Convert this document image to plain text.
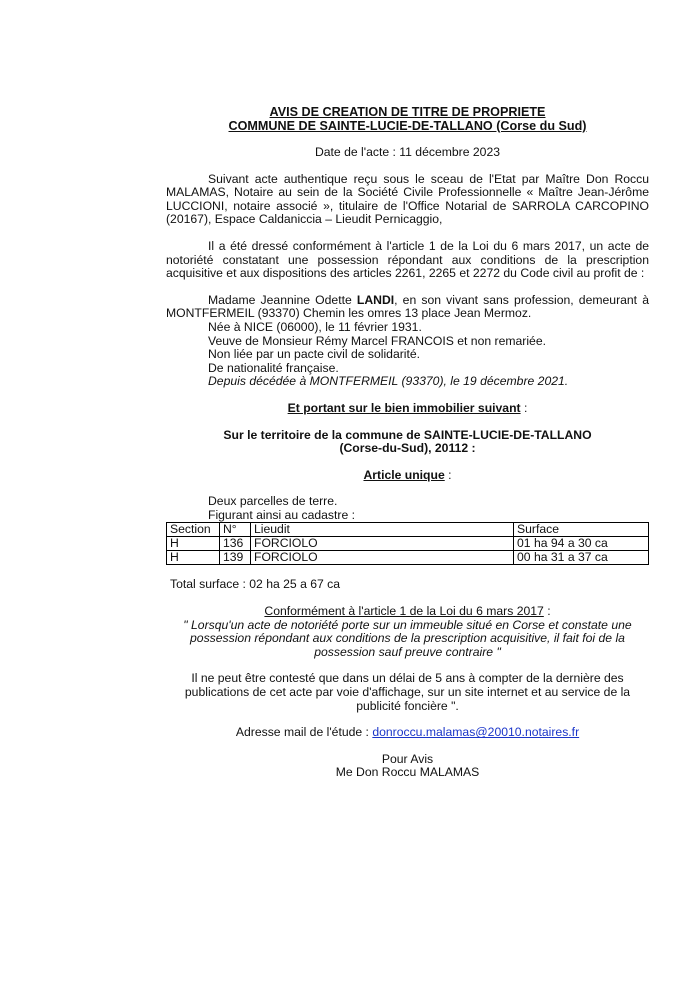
AVIS DE CREATION DE TITRE DE PROPRIETE

COMMUNE DE SAINTE-LUCIE-DE-TALLANO (Corse du Sud)

Date de l'acte : 11 décembre 2023

Suivant acte authentique reçu sous le sceau de l'Etat par Maître Don Roccu MALAMAS, Notaire au sein de la Société Civile Professionnelle « Maître Jean-Jérôme LUCCIONI, notaire associé », titulaire de l'Office Notarial de SARROLA CARCOPINO (20167), Espace Caldaniccia – Lieudit Pernicaggio,

Il a été dressé conformément à l'article 1 de la Loi du 6 mars 2017, un acte de notoriété constatant une possession répondant aux conditions de la prescription acquisitive et aux dispositions des articles 2261, 2265 et 2272 du Code civil au profit de :

Madame Jeannine Odette LANDI, en son vivant sans profession, demeurant à MONTFERMEIL (93370) Chemin les omres 13 place Jean Mermoz.

Née à NICE (06000), le 11 février 1931.

Veuve de Monsieur Rémy Marcel FRANCOIS et non remariée.

Non liée par un pacte civil de solidarité.

De nationalité française.

Depuis décédée à MONTFERMEIL (93370), le 19 décembre 2021.

Et portant sur le bien immobilier suivant :

Sur le territoire de la commune de SAINTE-LUCIE-DE-TALLANO

(Corse-du-Sud), 20112 :

Article unique :

Deux parcelles de terre.

Figurant ainsi au cadastre :

Section	N°	Lieudit	Surface
H	136	FORCIOLO	01 ha 94 a 30 ca
H	139	FORCIOLO	00 ha 31 a 37 ca

Total surface : 02 ha 25 a 67 ca

Conformément à l'article 1 de la Loi du 6 mars 2017 :

" Lorsqu'un acte de notoriété porte sur un immeuble situé en Corse et constate une possession répondant aux conditions de la prescription acquisitive, il fait foi de la possession sauf preuve contraire "

Il ne peut être contesté que dans un délai de 5 ans à compter de la dernière des publications de cet acte par voie d'affichage, sur un site internet et au service de la publicité foncière ".

Adresse mail de l'étude : donroccu.malamas@20010.notaires.fr

Pour Avis

Me Don Roccu MALAMAS
